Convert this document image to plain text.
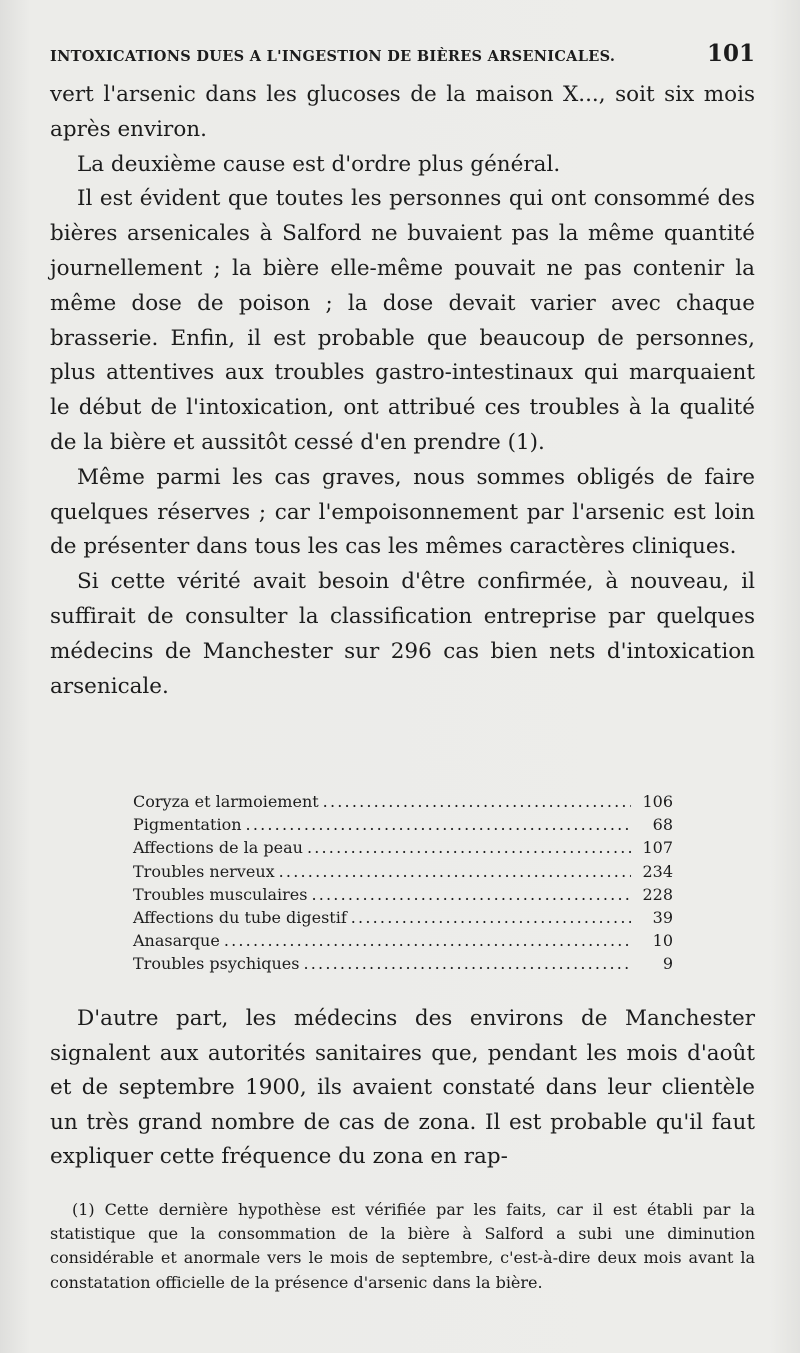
INTOXICATIONS DUES A L'INGESTION DE BIÈRES ARSENICALES.	101

vert l'arsenic dans les glucoses de la maison X..., soit six mois après environ.

La deuxième cause est d'ordre plus général.

Il est évident que toutes les personnes qui ont consommé des bières arsenicales à Salford ne buvaient pas la même quantité journellement ; la bière elle-même pouvait ne pas contenir la même dose de poison ; la dose devait varier avec chaque brasserie. Enfin, il est probable que beaucoup de personnes, plus attentives aux troubles gastro-intestinaux qui marquaient le début de l'intoxication, ont attribué ces troubles à la qualité de la bière et aussitôt cessé d'en prendre (1).

Même parmi les cas graves, nous sommes obligés de faire quelques réserves ; car l'empoisonnement par l'arsenic est loin de présenter dans tous les cas les mêmes caractères cliniques.

Si cette vérité avait besoin d'être confirmée, à nouveau, il suffirait de consulter la classification entreprise par quelques médecins de Manchester sur 296 cas bien nets d'intoxication arsenicale.

Coryza et larmoiement .....	106
Pigmentation .....	68
Affections de la peau .....	107
Troubles nerveux .....	234
Troubles musculaires .....	228
Affections du tube digestif .....	39
Anasarque .....	10
Troubles psychiques .....	9

D'autre part, les médecins des environs de Manchester signalent aux autorités sanitaires que, pendant les mois d'août et de septembre 1900, ils avaient constaté dans leur clientèle un très grand nombre de cas de zona. Il est probable qu'il faut expliquer cette fréquence du zona en rap-

(1) Cette dernière hypothèse est vérifiée par les faits, car il est établi par la statistique que la consommation de la bière à Salford a subi une diminution considérable et anormale vers le mois de septembre, c'est-à-dire deux mois avant la constatation officielle de la présence d'arsenic dans la bière.
